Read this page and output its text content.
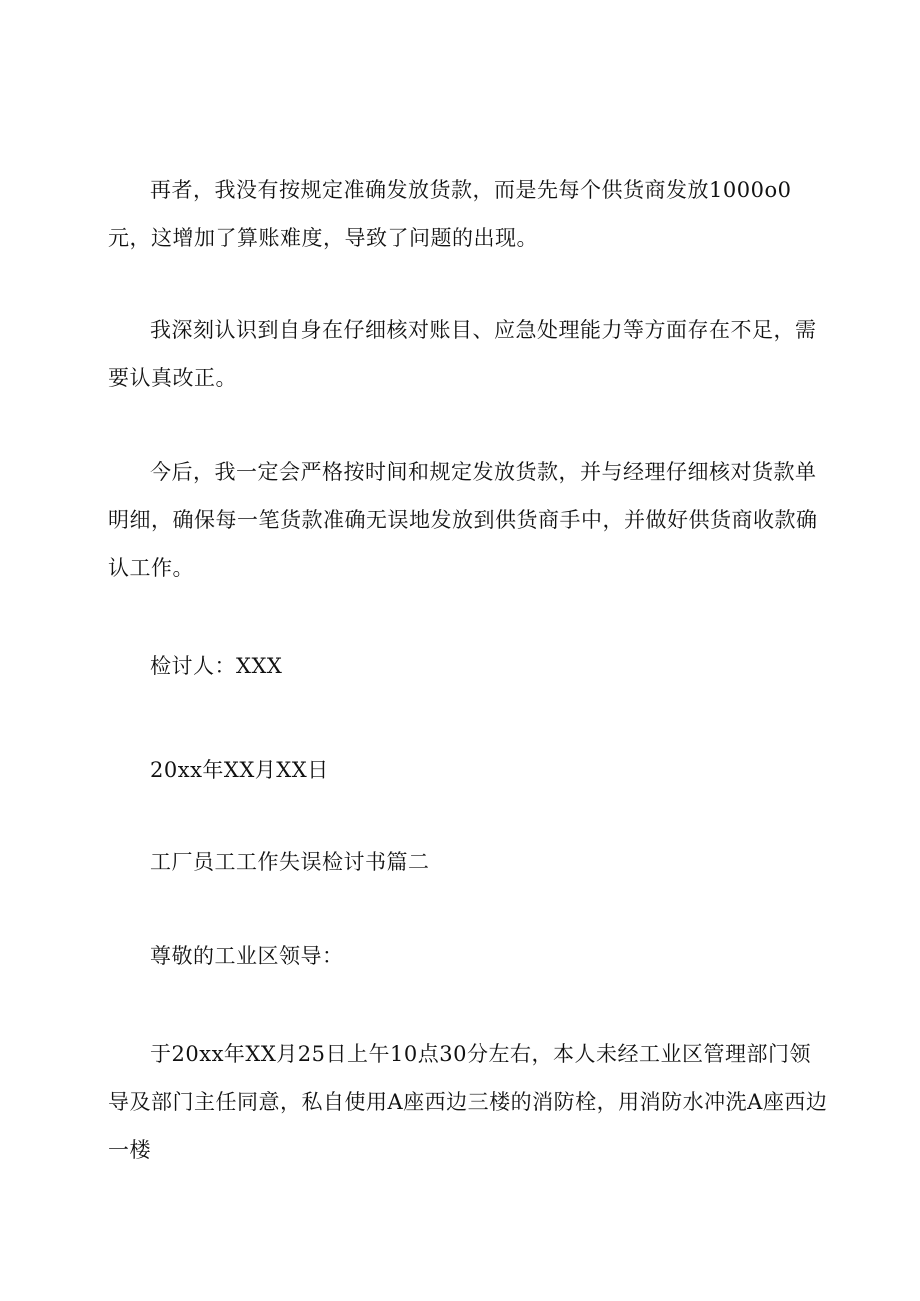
再者，我没有按规定准确发放货款，而是先每个供货商发放1000o0元，这增加了算账难度，导致了问题的出现。

我深刻认识到自身在仔细核对账目、应急处理能力等方面存在不足，需要认真改正。

今后，我一定会严格按时间和规定发放货款，并与经理仔细核对货款单明细，确保每一笔货款准确无误地发放到供货商手中，并做好供货商收款确认工作。

检讨人：XXX

20xx年XX月XX日

工厂员工工作失误检讨书篇二

尊敬的工业区领导：

于20xx年XX月25日上午10点30分左右，本人未经工业区管理部门领导及部门主任同意，私自使用A座西边三楼的消防栓，用消防水冲洗A座西边一楼
